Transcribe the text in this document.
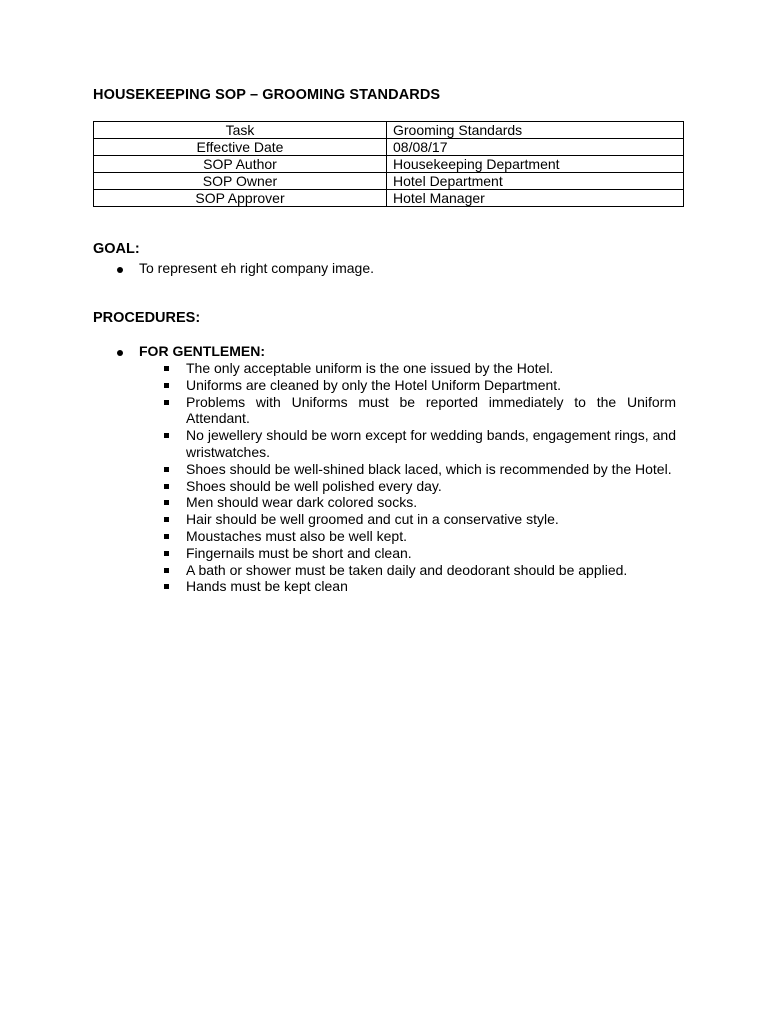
HOUSEKEEPING SOP – GROOMING STANDARDS
Task	Grooming Standards
Effective Date	08/08/17
SOP Author	Housekeeping Department
SOP Owner	Hotel Department
SOP Approver	Hotel Manager
GOAL:
To represent eh right company image.
PROCEDURES:
FOR GENTLEMEN:
The only acceptable uniform is the one issued by the Hotel.
Uniforms are cleaned by only the Hotel Uniform Department.
Problems with Uniforms must be reported immediately to the Uniform Attendant.
No jewellery should be worn except for wedding bands, engagement rings, and wristwatches.
Shoes should be well-shined black laced, which is recommended by the Hotel.
Shoes should be well polished every day.
Men should wear dark colored socks.
Hair should be well groomed and cut in a conservative style.
Moustaches must also be well kept.
Fingernails must be short and clean.
A bath or shower must be taken daily and deodorant should be applied.
Hands must be kept clean
